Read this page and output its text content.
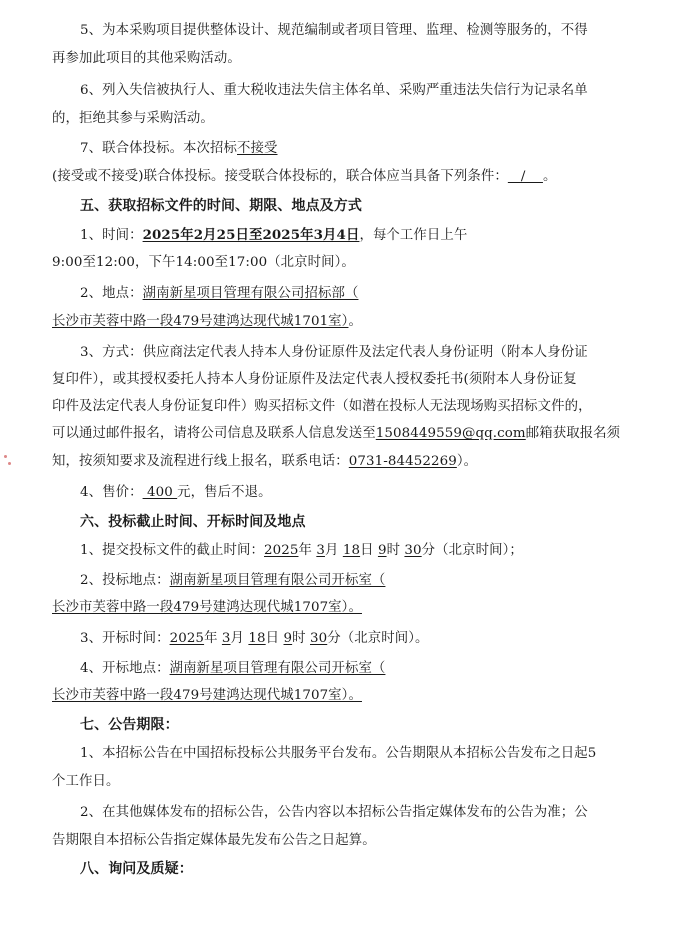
5、为本采购项目提供整体设计、规范编制或者项目管理、监理、检测等服务的，不得
再参加此项目的其他采购活动。
6、列入失信被执行人、重大税收违法失信主体名单、采购严重违法失信行为记录名单
的，拒绝其参与采购活动。
7、联合体投标。本次招标不接受
(接受或不接受)联合体投标。接受联合体投标的，联合体应当具备下列条件：   /    。
五、获取招标文件的时间、期限、地点及方式
1、时间：2025年2月25日至2025年3月4日，每个工作日上午
9:00至12:00，下午14:00至17:00（北京时间）。
2、地点：湖南新星项目管理有限公司招标部（
长沙市芙蓉中路一段479号建鸿达现代城1701室）。
3、方式：供应商法定代表人持本人身份证原件及法定代表人身份证明（附本人身份证
复印件），或其授权委托人持本人身份证原件及法定代表人授权委托书(须附本人身份证复
印件及法定代表人身份证复印件）购买招标文件（如潜在投标人无法现场购买招标文件的，
可以通过邮件报名，请将公司信息及联系人信息发送至1508449559@qq.com邮箱获取报名须
知，按须知要求及流程进行线上报名，联系电话：0731-84452269）。
4、售价： 400 元，售后不退。
六、投标截止时间、开标时间及地点
1、提交投标文件的截止时间：2025年 3月 18日 9时 30分（北京时间）；
2、投标地点：湖南新星项目管理有限公司开标室（
长沙市芙蓉中路一段479号建鸿达现代城1707室）。
3、开标时间：2025年 3月 18日 9时 30分（北京时间）。
4、开标地点：湖南新星项目管理有限公司开标室（
长沙市芙蓉中路一段479号建鸿达现代城1707室）。
七、公告期限：
1、本招标公告在中国招标投标公共服务平台发布。公告期限从本招标公告发布之日起5
个工作日。
2、在其他媒体发布的招标公告，公告内容以本招标公告指定媒体发布的公告为准；公
告期限自本招标公告指定媒体最先发布公告之日起算。
八、询问及质疑：
